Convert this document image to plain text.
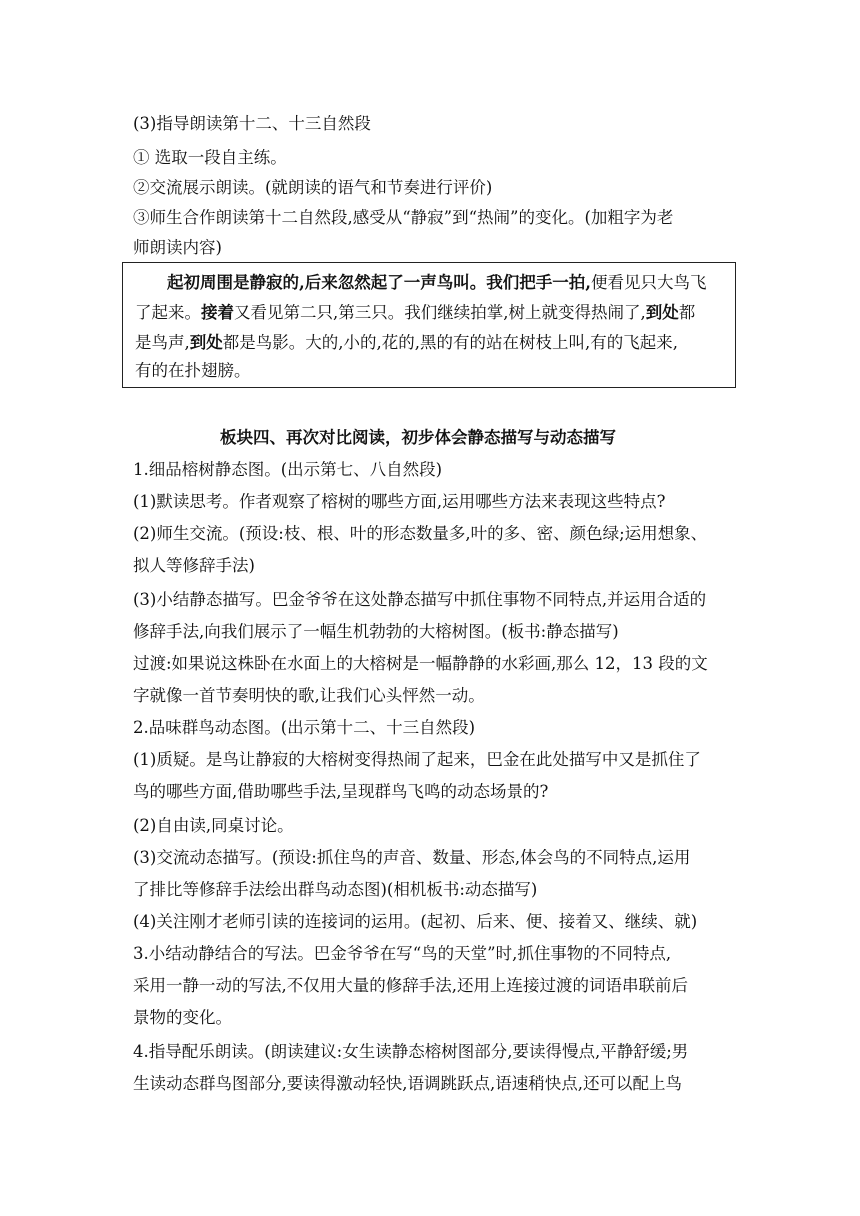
(3)指导朗读第十二、十三自然段
① 选取一段自主练。
②交流展示朗读。(就朗读的语气和节奏进行评价)
③师生合作朗读第十二自然段,感受从“静寂”到“热闹”的变化。(加粗字为老
师朗读内容)
起初周围是静寂的,后来忽然起了一声鸟叫。我们把手一拍,便看见只大鸟飞
了起来。接着又看见第二只,第三只。我们继续拍掌,树上就变得热闹了,到处都
是鸟声,到处都是鸟影。大的,小的,花的,黑的有的站在树枝上叫,有的飞起来,
有的在扑翅膀。
板块四、再次对比阅读，初步体会静态描写与动态描写
1.细品榕树静态图。(出示第七、八自然段)
(1)默读思考。作者观察了榕树的哪些方面,运用哪些方法来表现这些特点?
(2)师生交流。(预设:枝、根、叶的形态数量多,叶的多、密、颜色绿;运用想象、
拟人等修辞手法)
(3)小结静态描写。巴金爷爷在这处静态描写中抓住事物不同特点,并运用合适的
修辞手法,向我们展示了一幅生机勃勃的大榕树图。(板书:静态描写)
过渡:如果说这株卧在水面上的大榕树是一幅静静的水彩画,那么 12，13 段的文
字就像一首节奏明快的歌,让我们心头怦然一动。
2.品味群鸟动态图。(出示第十二、十三自然段)
(1)质疑。是鸟让静寂的大榕树变得热闹了起来，巴金在此处描写中又是抓住了
鸟的哪些方面,借助哪些手法,呈现群鸟飞鸣的动态场景的?
(2)自由读,同桌讨论。
(3)交流动态描写。(预设:抓住鸟的声音、数量、形态,体会鸟的不同特点,运用
了排比等修辞手法绘出群鸟动态图)(相机板书:动态描写)
(4)关注刚才老师引读的连接词的运用。(起初、后来、便、接着又、继续、就)
3.小结动静结合的写法。巴金爷爷在写“鸟的天堂”时,抓住事物的不同特点,
采用一静一动的写法,不仅用大量的修辞手法,还用上连接过渡的词语串联前后
景物的变化。
4.指导配乐朗读。(朗读建议:女生读静态榕树图部分,要读得慢点,平静舒缓;男
生读动态群鸟图部分,要读得激动轻快,语调跳跃点,语速稍快点,还可以配上鸟
